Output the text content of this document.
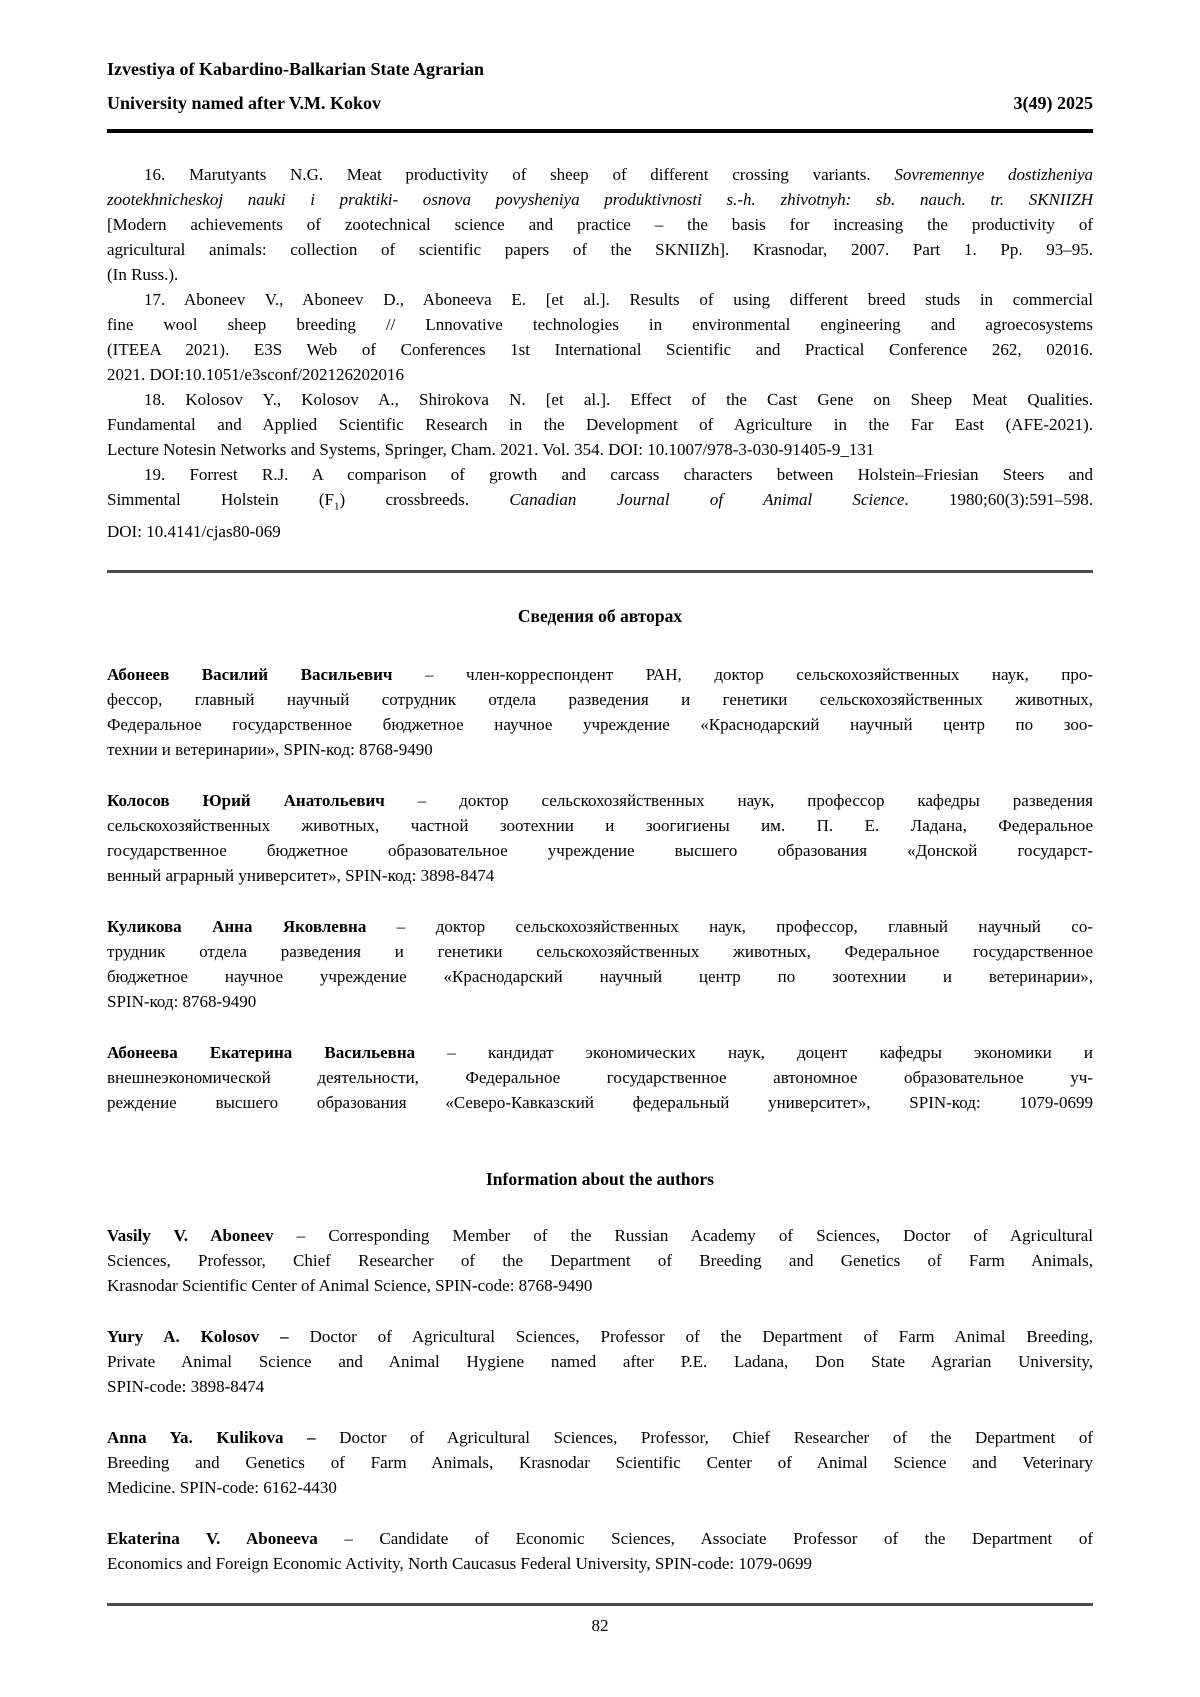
Izvestiya of Kabardino-Balkarian State Agrarian
University named after V.M. Kokov	3(49) 2025
16. Marutyants N.G. Meat productivity of sheep of different crossing variants. Sovremennye dostizheniya
zootekhnicheskoj nauki i praktiki- osnova povysheniya produktivnosti s.-h. zhivotnyh: sb. nauch. tr. SKNIIZH
[Modern achievements of zootechnical science and practice – the basis for increasing the productivity of
agricultural animals: collection of scientific papers of the SKNIIZh]. Krasnodar, 2007. Part 1. Pp. 93–95.
(In Russ.).
17. Aboneev V., Aboneev D., Aboneeva E. [et al.]. Results of using different breed studs in commercial
fine wool sheep breeding // Lnnovative technologies in environmental engineering and agroecosystems
(ITEEA 2021). E3S Web of Conferences 1st International Scientific and Practical Conference 262, 02016.
2021. DOI:10.1051/e3sconf/202126202016
18. Kolosov Y., Kolosov A., Shirokova N. [et al.]. Effect of the Cast Gene on Sheep Meat Qualities.
Fundamental and Applied Scientific Research in the Development of Agriculture in the Far East (AFE-2021).
Lecture Notesin Networks and Systems, Springer, Cham. 2021. Vol. 354. DOI: 10.1007/978-3-030-91405-9_131
19. Forrest R.J. A comparison of growth and carcass characters between Holstein–Friesian Steers and
Simmental Holstein $(F_1)$ crossbreeds. Canadian Journal of Animal Science. 1980;60(3):591–598.
DOI: 10.4141/cjas80-069
Сведения об авторах
Абонеев Василий Васильевич – член-корреспондент РАН, доктор сельскохозяйственных наук, про-
фессор, главный научный сотрудник отдела разведения и генетики сельскохозяйственных животных,
Федеральное государственное бюджетное научное учреждение «Краснодарский научный центр по зоо-
технии и ветеринарии», SPIN-код: 8768-9490
Колосов Юрий Анатольевич – доктор сельскохозяйственных наук, профессор кафедры разведения
сельскохозяйственных животных, частной зоотехнии и зоогигиены им. П. Е. Ладана, Федеральное
государственное бюджетное образовательное учреждение высшего образования «Донской государст-
венный аграрный университет», SPIN-код: 3898-8474
Куликова Анна Яковлевна – доктор сельскохозяйственных наук, профессор, главный научный со-
трудник отдела разведения и генетики сельскохозяйственных животных, Федеральное государственное
бюджетное научное учреждение «Краснодарский научный центр по зоотехнии и ветеринарии»,
SPIN-код: 8768-9490
Абонеева Екатерина Васильевна – кандидат экономических наук, доцент кафедры экономики и
внешнеэкономической деятельности, Федеральное государственное автономное образовательное уч-
реждение высшего образования «Северо-Кавказский федеральный университет», SPIN-код: 1079-0699
Information about the authors
Vasily V. Aboneev – Corresponding Member of the Russian Academy of Sciences, Doctor of Agricultural
Sciences, Professor, Chief Researcher of the Department of Breeding and Genetics of Farm Animals,
Krasnodar Scientific Center of Animal Science, SPIN-code: 8768-9490
Yury A. Kolosov – Doctor of Agricultural Sciences, Professor of the Department of Farm Animal Breeding,
Private Animal Science and Animal Hygiene named after P.E. Ladana, Don State Agrarian University,
SPIN-code: 3898-8474
Anna Ya. Kulikova – Doctor of Agricultural Sciences, Professor, Chief Researcher of the Department of
Breeding and Genetics of Farm Animals, Krasnodar Scientific Center of Animal Science and Veterinary
Medicine. SPIN-code: 6162-4430
Ekaterina V. Aboneeva – Candidate of Economic Sciences, Associate Professor of the Department of
Economics and Foreign Economic Activity, North Caucasus Federal University, SPIN-code: 1079-0699
82
